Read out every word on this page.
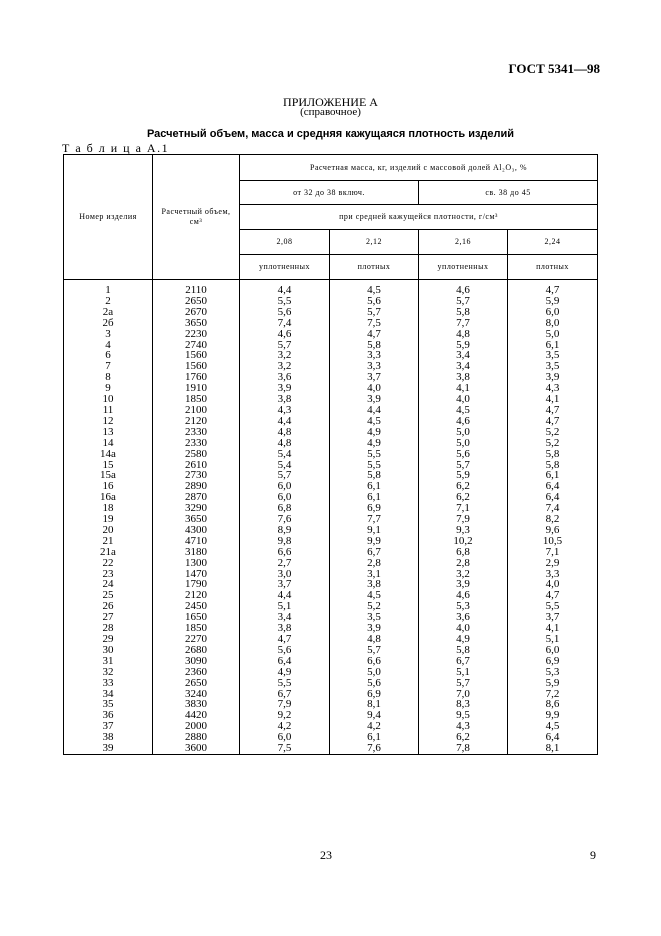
ГОСТ 5341—98
ПРИЛОЖЕНИЕ А
(справочное)
Расчетный объем, масса и средняя кажущаяся плотность изделий
Т а б л и ц а А.1
Номер изделия	Расчетный объем, см³	Расчетная масса, кг, изделий с массовой долей Al₂O₃, %			
		от 32 до 38 включ.		св. 38 до 45	
		при средней кажущейся плотности, г/см³			
		2,08	2,12	2,16	2,24
		уплотненных	плотных	уплотненных	плотных
1	2110	4,4	4,5	4,6	4,7
2	2650	5,5	5,6	5,7	5,9
2а	2670	5,6	5,7	5,8	6,0
2б	3650	7,4	7,5	7,7	8,0
3	2230	4,6	4,7	4,8	5,0
4	2740	5,7	5,8	5,9	6,1
6	1560	3,2	3,3	3,4	3,5
7	1560	3,2	3,3	3,4	3,5
8	1760	3,6	3,7	3,8	3,9
9	1910	3,9	4,0	4,1	4,3
10	1850	3,8	3,9	4,0	4,1
11	2100	4,3	4,4	4,5	4,7
12	2120	4,4	4,5	4,6	4,7
13	2330	4,8	4,9	5,0	5,2
14	2330	4,8	4,9	5,0	5,2
14а	2580	5,4	5,5	5,6	5,8
15	2610	5,4	5,5	5,7	5,8
15а	2730	5,7	5,8	5,9	6,1
16	2890	6,0	6,1	6,2	6,4
16а	2870	6,0	6,1	6,2	6,4
18	3290	6,8	6,9	7,1	7,4
19	3650	7,6	7,7	7,9	8,2
20	4300	8,9	9,1	9,3	9,6
21	4710	9,8	9,9	10,2	10,5
21а	3180	6,6	6,7	6,8	7,1
22	1300	2,7	2,8	2,8	2,9
23	1470	3,0	3,1	3,2	3,3
24	1790	3,7	3,8	3,9	4,0
25	2120	4,4	4,5	4,6	4,7
26	2450	5,1	5,2	5,3	5,5
27	1650	3,4	3,5	3,6	3,7
28	1850	3,8	3,9	4,0	4,1
29	2270	4,7	4,8	4,9	5,1
30	2680	5,6	5,7	5,8	6,0
31	3090	6,4	6,6	6,7	6,9
32	2360	4,9	5,0	5,1	5,3
33	2650	5,5	5,6	5,7	5,9
34	3240	6,7	6,9	7,0	7,2
35	3830	7,9	8,1	8,3	8,6
36	4420	9,2	9,4	9,5	9,9
37	2000	4,2	4,2	4,3	4,5
38	2880	6,0	6,1	6,2	6,4
39	3600	7,5	7,6	7,8	8,1
23	9
